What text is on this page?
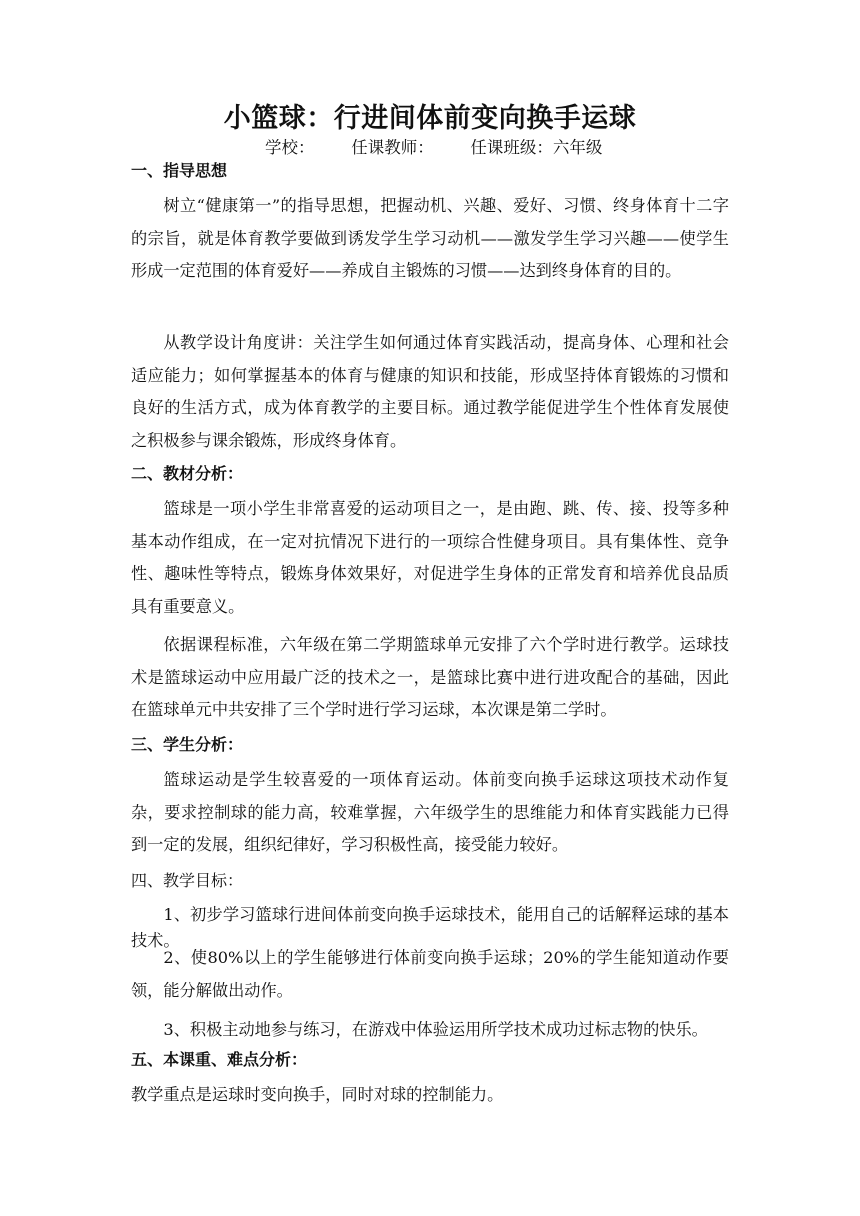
小篮球：行进间体前变向换手运球
学校：       任课教师：       任课班级：六年级
一、指导思想
树立“健康第一”的指导思想，把握动机、兴趣、爱好、习惯、终身体育十二字的宗旨，就是体育教学要做到诱发学生学习动机——激发学生学习兴趣——使学生形成一定范围的体育爱好——养成自主锻炼的习惯——达到终身体育的目的。
从教学设计角度讲：关注学生如何通过体育实践活动，提高身体、心理和社会适应能力；如何掌握基本的体育与健康的知识和技能，形成坚持体育锻炼的习惯和良好的生活方式，成为体育教学的主要目标。通过教学能促进学生个性体育发展使之积极参与课余锻炼，形成终身体育。
二、教材分析：
篮球是一项小学生非常喜爱的运动项目之一，是由跑、跳、传、接、投等多种基本动作组成，在一定对抗情况下进行的一项综合性健身项目。具有集体性、竞争性、趣味性等特点，锻炼身体效果好，对促进学生身体的正常发育和培养优良品质具有重要意义。
依据课程标准，六年级在第二学期篮球单元安排了六个学时进行教学。运球技术是篮球运动中应用最广泛的技术之一，是篮球比赛中进行进攻配合的基础，因此在篮球单元中共安排了三个学时进行学习运球，本次课是第二学时。
三、学生分析：
篮球运动是学生较喜爱的一项体育运动。体前变向换手运球这项技术动作复杂，要求控制球的能力高，较难掌握，六年级学生的思维能力和体育实践能力已得到一定的发展，组织纪律好，学习积极性高，接受能力较好。
四、教学目标：
1、初步学习篮球行进间体前变向换手运球技术，能用自己的话解释运球的基本技术。
2、使80%以上的学生能够进行体前变向换手运球；20%的学生能知道动作要领，能分解做出动作。
3、积极主动地参与练习，在游戏中体验运用所学技术成功过标志物的快乐。
五、本课重、难点分析：
教学重点是运球时变向换手，同时对球的控制能力。
